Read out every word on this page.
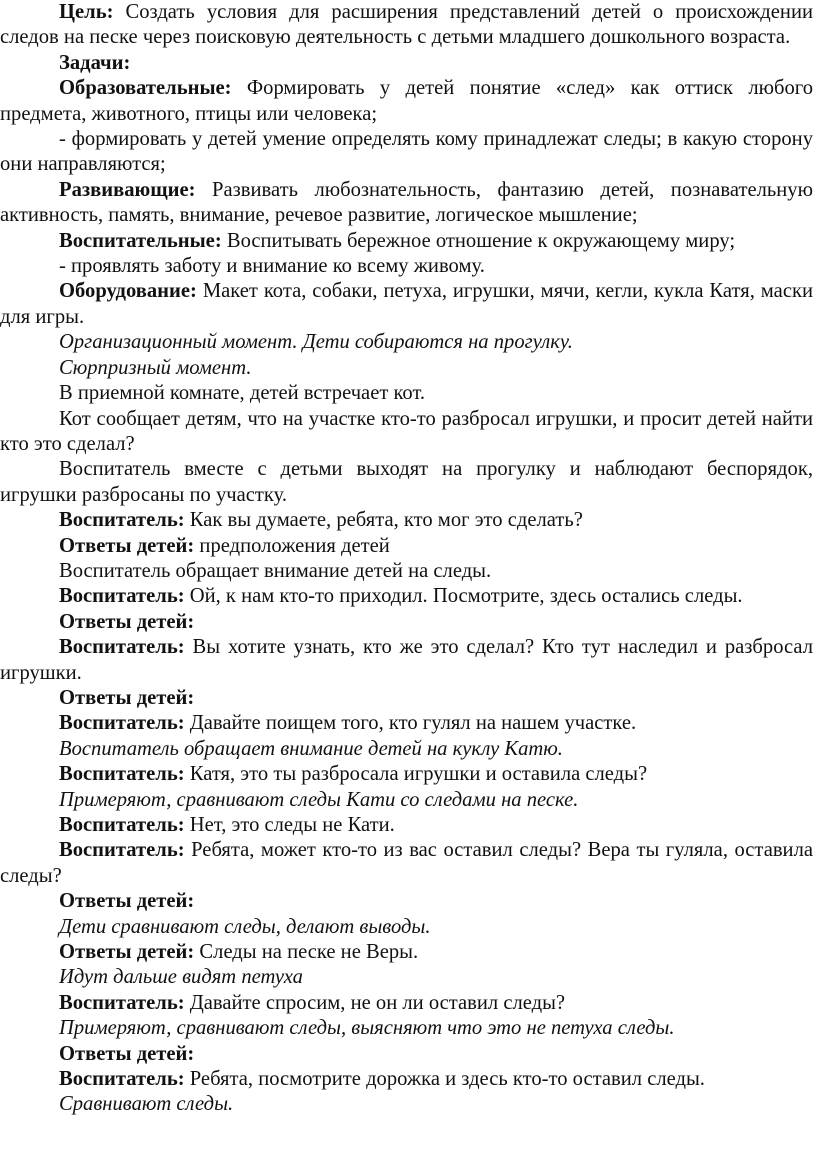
Цель: Создать условия для расширения представлений детей о происхождении следов на песке через поисковую деятельность с детьми младшего дошкольного возраста.

Задачи:

Образовательные: Формировать у детей понятие «след» как оттиск любого предмета, животного, птицы или человека;

- формировать у детей умение определять кому принадлежат следы; в какую сторону они направляются;

Развивающие: Развивать любознательность, фантазию детей, познавательную активность, память, внимание, речевое развитие, логическое мышление;

Воспитательные: Воспитывать бережное отношение к окружающему миру;

- проявлять заботу и внимание ко всему живому.

Оборудование: Макет кота, собаки, петуха, игрушки, мячи, кегли, кукла Катя, маски для игры.

Организационный момент. Дети собираются на прогулку.

Сюрпризный момент.

В приемной комнате, детей встречает кот.

Кот сообщает детям, что на участке кто-то разбросал игрушки, и просит детей найти кто это сделал?

Воспитатель вместе с детьми выходят на прогулку и наблюдают беспорядок, игрушки разбросаны по участку.

Воспитатель: Как вы думаете, ребята, кто мог это сделать?

Ответы детей: предположения детей

Воспитатель обращает внимание детей на следы.

Воспитатель: Ой, к нам кто-то приходил. Посмотрите, здесь остались следы.

Ответы детей:

Воспитатель: Вы хотите узнать, кто же это сделал? Кто тут наследил и разбросал игрушки.

Ответы детей:

Воспитатель: Давайте поищем того, кто гулял на нашем участке.

Воспитатель обращает внимание детей на куклу Катю.

Воспитатель: Катя, это ты разбросала игрушки и оставила следы?

Примеряют, сравнивают следы Кати со следами на песке.

Воспитатель: Нет, это следы не Кати.

Воспитатель: Ребята, может кто-то из вас оставил следы? Вера ты гуляла, оставила следы?

Ответы детей:

Дети сравнивают следы, делают выводы.

Ответы детей: Следы на песке не Веры.

Идут дальше видят петуха

Воспитатель: Давайте спросим, не он ли оставил следы?

Примеряют, сравнивают следы, выясняют что это не петуха следы.

Ответы детей:

Воспитатель: Ребята, посмотрите дорожка и здесь кто-то оставил следы.

Сравнивают следы.
